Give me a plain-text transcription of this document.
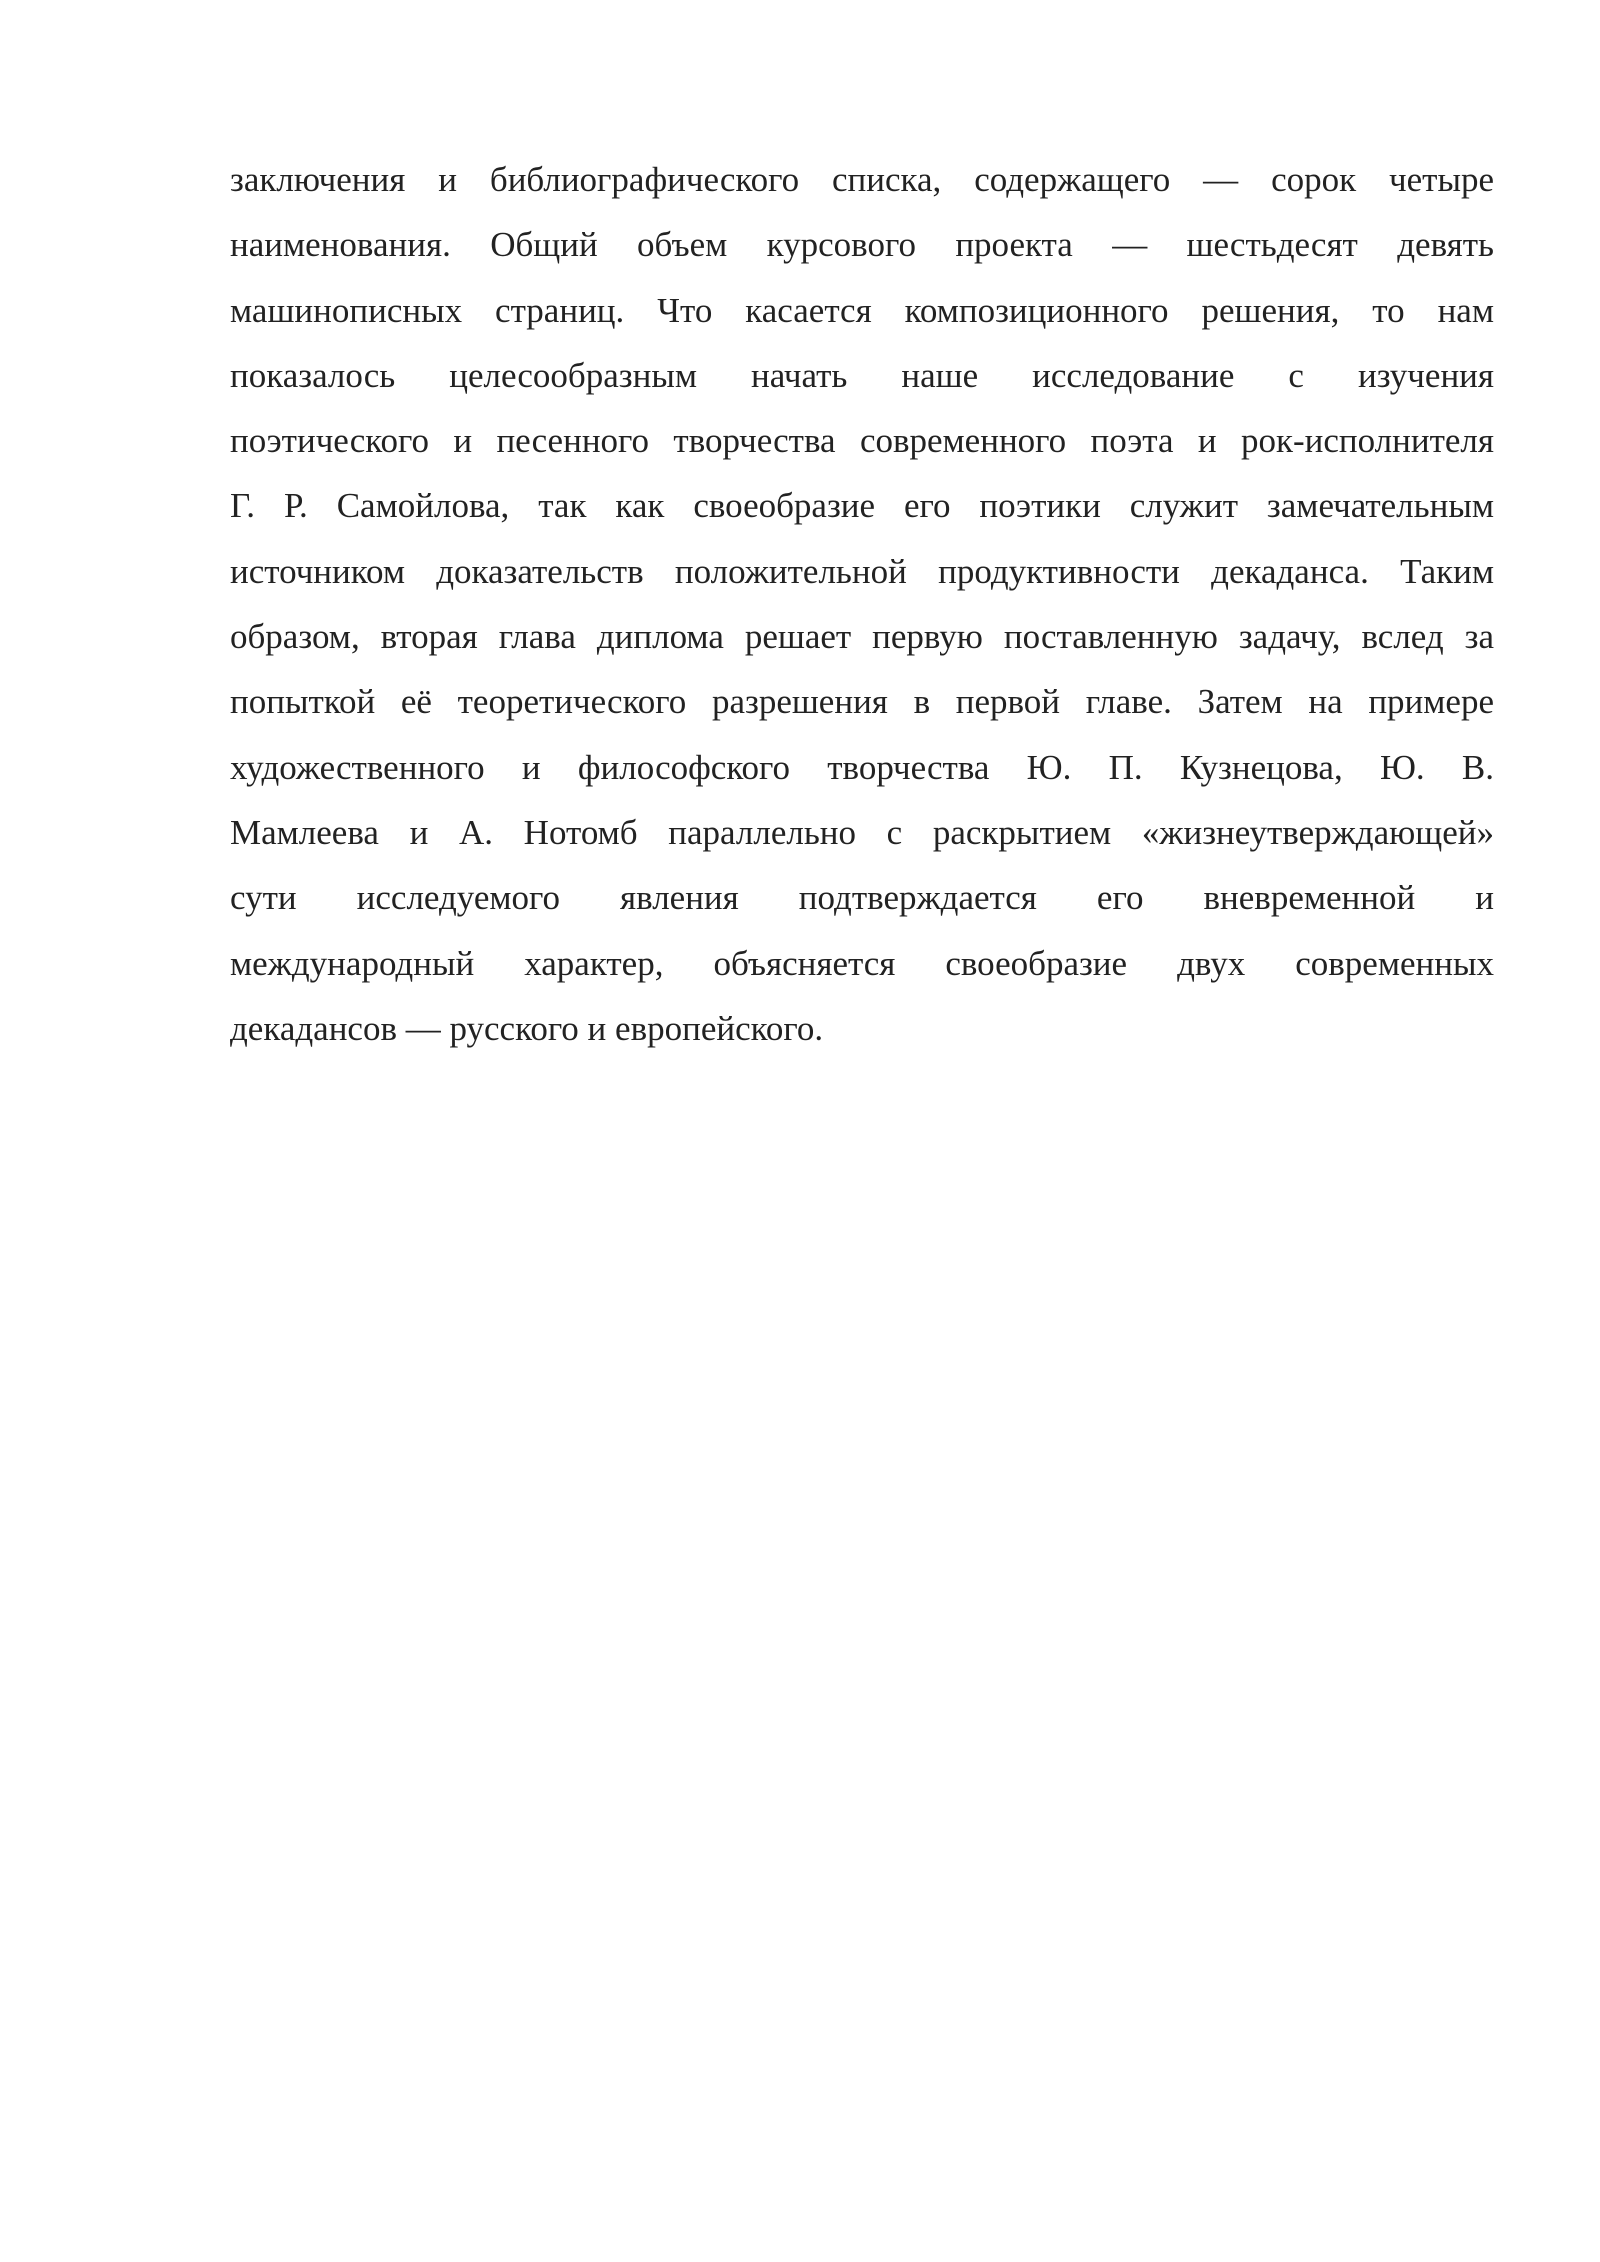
заключения и библиографического списка, содержащего — сорок четыре
наименования. Общий объем курсового проекта — шестьдесят девять
машинописных страниц. Что касается композиционного решения, то нам
показалось целесообразным начать наше исследование с изучения
поэтического и песенного творчества современного поэта и рок-исполнителя
Г. Р. Самойлова, так как своеобразие его поэтики служит замечательным
источником доказательств положительной продуктивности декаданса. Таким
образом, вторая глава диплома решает первую поставленную задачу, вслед за
попыткой её теоретического разрешения в первой главе. Затем на примере
художественного и философского творчества Ю. П. Кузнецова, Ю. В.
Мамлеева и А. Нотомб параллельно с раскрытием «жизнеутверждающей»
сути исследуемого явления подтверждается его вневременной и
международный характер, объясняется своеобразие двух современных
декадансов — русского и европейского.
